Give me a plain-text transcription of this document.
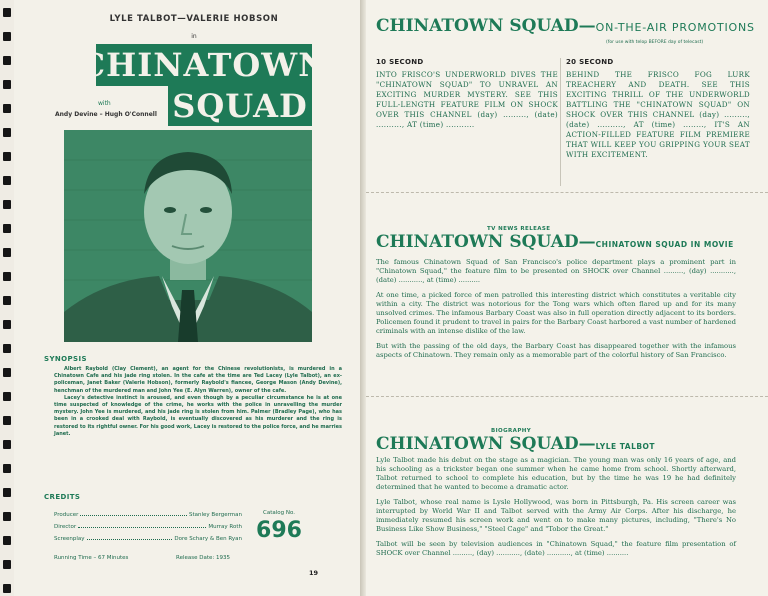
LYLE TALBOT—VALERIE HOBSON
in
CHINATOWN
with
Andy Devine – Hugh O'Connell SQUAD
SYNOPSIS

Albert Raybold (Clay Clement), an agent for the Chinese revolutionists, is murdered in a Chinatown Cafe and his jade ring stolen. In the cafe at the time are Ted Lacey (Lyle Talbot), an ex-policeman, Janet Baker (Valerie Hobson), formerly Raybold's fiancee, George Mason (Andy Devine), henchman of the murdered man and John Yee (E. Alyn Warren), owner of the cafe.

Lacey's detective instinct is aroused, and even though by a peculiar circumstance he is at one time suspected of knowledge of the crime, he works with the police in unravelling the murder mystery. John Yee is murdered, and his jade ring is stolen from him. Palmer (Bradley Page), who has been in a crooked deal with Raybold, is eventually discovered as his murderer and the ring is restored to its rightful owner. For his good work, Lacey is restored to the police force, and he marries Janet.

CREDITS
Producer	Stanley Bergerman
Director	Murray Roth
Screenplay	Dore Schary & Ben Ryan
Catalog No.
696
Running Time – 67 Minutes	Release Date: 1935
19
CHINATOWN SQUAD—ON-THE-AIR PROMOTIONS
(for use with telop BEFORE day of telecast)
10 SECOND
INTO FRISCO'S UNDERWORLD DIVES THE "CHINATOWN SQUAD" TO UNRAVEL AN EXCITING MURDER MYSTERY. SEE THIS FULL-LENGTH FEATURE FILM ON SHOCK OVER THIS CHANNEL (day) ........., (date) .........., AT (time) ...........
20 SECOND
BEHIND THE FRISCO FOG LURK TREACHERY AND DEATH. SEE THIS EXCITING THRILL OF THE UNDERWORLD BATTLING THE "CHINATOWN SQUAD" ON SHOCK OVER THIS CHANNEL (day) ........., (date) .........., AT (time) ........, IT'S AN ACTION-FILLED FEATURE FILM PREMIERE THAT WILL KEEP YOU GRIPPING YOUR SEAT WITH EXCITEMENT.
TV NEWS RELEASE
CHINATOWN SQUAD—CHINATOWN SQUAD IN MOVIE

The famous Chinatown Squad of San Francisco's police department plays a prominent part in "Chinatown Squad," the feature film to be presented on SHOCK over Channel ........., (day) ..........., (date) ..........., at (time) ..........

At one time, a picked force of men patrolled this interesting district which constitutes a veritable city within a city. The district was notorious for the Tong wars which often flared up and for its many unsolved crimes. The infamous Barbary Coast was also in full operation directly adjacent to its borders. Policemen found it prudent to travel in pairs for the Barbary Coast harbored a vast number of hardened criminals with an intense dislike of the law.

But with the passing of the old days, the Barbary Coast has disappeared together with the infamous aspects of Chinatown. They remain only as a memorable part of the colorful history of San Francisco.

BIOGRAPHY
CHINATOWN SQUAD—LYLE TALBOT

Lyle Talbot made his debut on the stage as a magician. The young man was only 16 years of age, and his schooling as a trickster began one summer when he came home from school. Shortly afterward, Talbot returned to school to complete his education, but by the time he was 19 he had definitely determined that he wanted to become a dramatic actor.

Lyle Talbot, whose real name is Lysle Hollywood, was born in Pittsburgh, Pa. His screen career was interrupted by World War II and Talbot served with the Army Air Corps. After his discharge, he immediately resumed his screen work and went on to make many pictures, including, "There's No Business Like Show Business," "Steel Cage" and "Tobor the Great."

Talbot will be seen by television audiences in "Chinatown Squad," the feature film presentation of SHOCK over Channel ........., (day) ..........., (date) ..........., at (time) ..........
